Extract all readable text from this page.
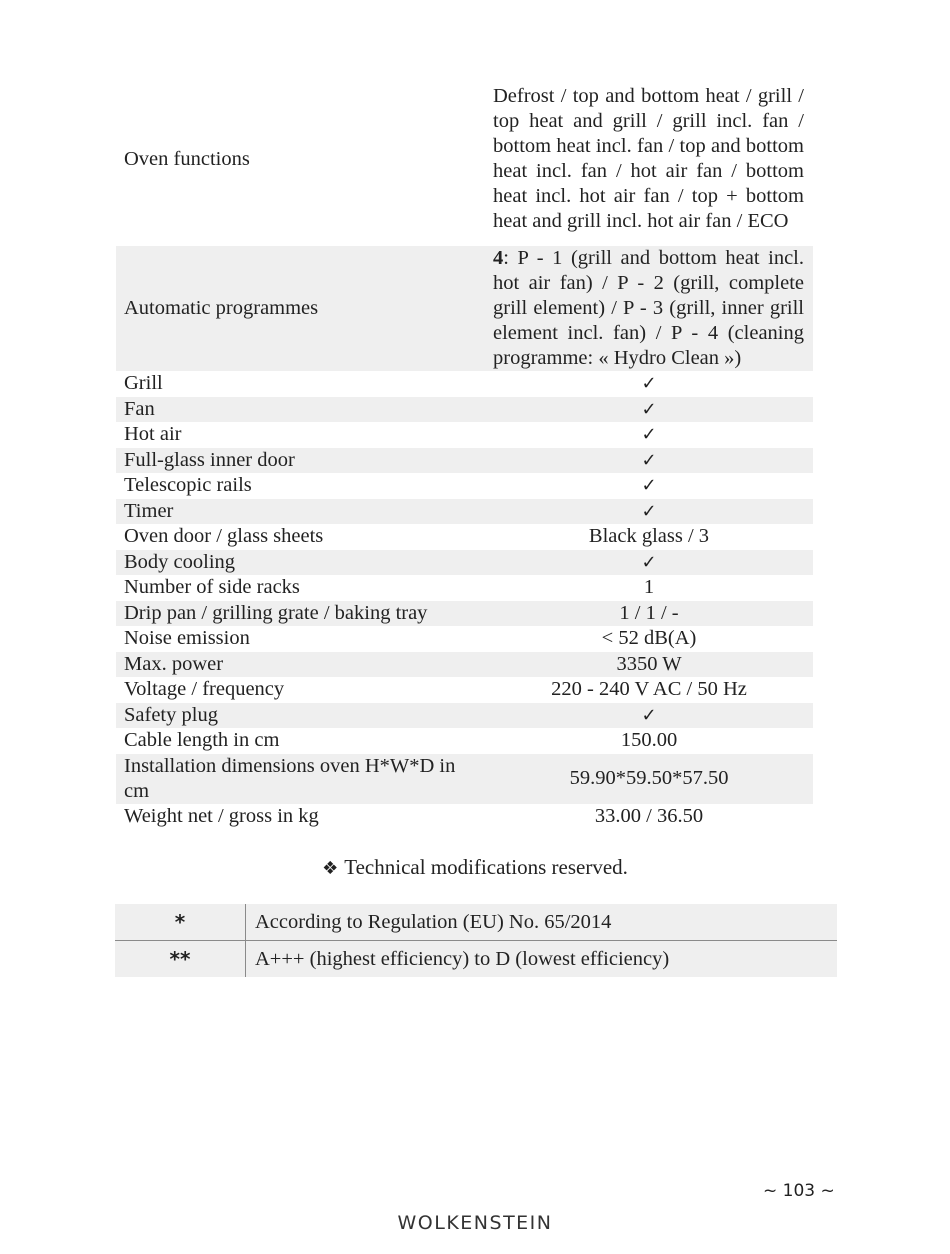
Oven functions	Defrost / top and bottom heat / grill / top heat and grill / grill incl. fan / bottom heat incl. fan / top and bottom heat incl. fan / hot air fan / bottom heat incl. hot air fan / top + bottom heat and grill incl. hot air fan / ECO
Automatic programmes	4: P - 1 (grill and bottom heat incl. hot air fan) / P - 2 (grill, complete grill element) / P - 3 (grill, inner grill element incl. fan) / P - 4 (cleaning programme: « Hydro Clean »)
Grill	✓
Fan	✓
Hot air	✓
Full-glass inner door	✓
Telescopic rails	✓
Timer	✓
Oven door / glass sheets	Black glass / 3
Body cooling	✓
Number of side racks	1
Drip pan / grilling grate / baking tray	1 / 1 / -
Noise emission	< 52 dB(A)
Max. power	3350 W
Voltage / frequency	220 - 240 V AC / 50 Hz
Safety plug	✓
Cable length in cm	150.00
Installation dimensions oven H*W*D in cm	59.90*59.50*57.50
Weight net / gross in kg	33.00 / 36.50
❖ Technical modifications reserved.
*	According to Regulation (EU) No. 65/2014
**	A+++ (highest efficiency) to D (lowest efficiency)
~ 103 ~
WOLKENSTEIN
